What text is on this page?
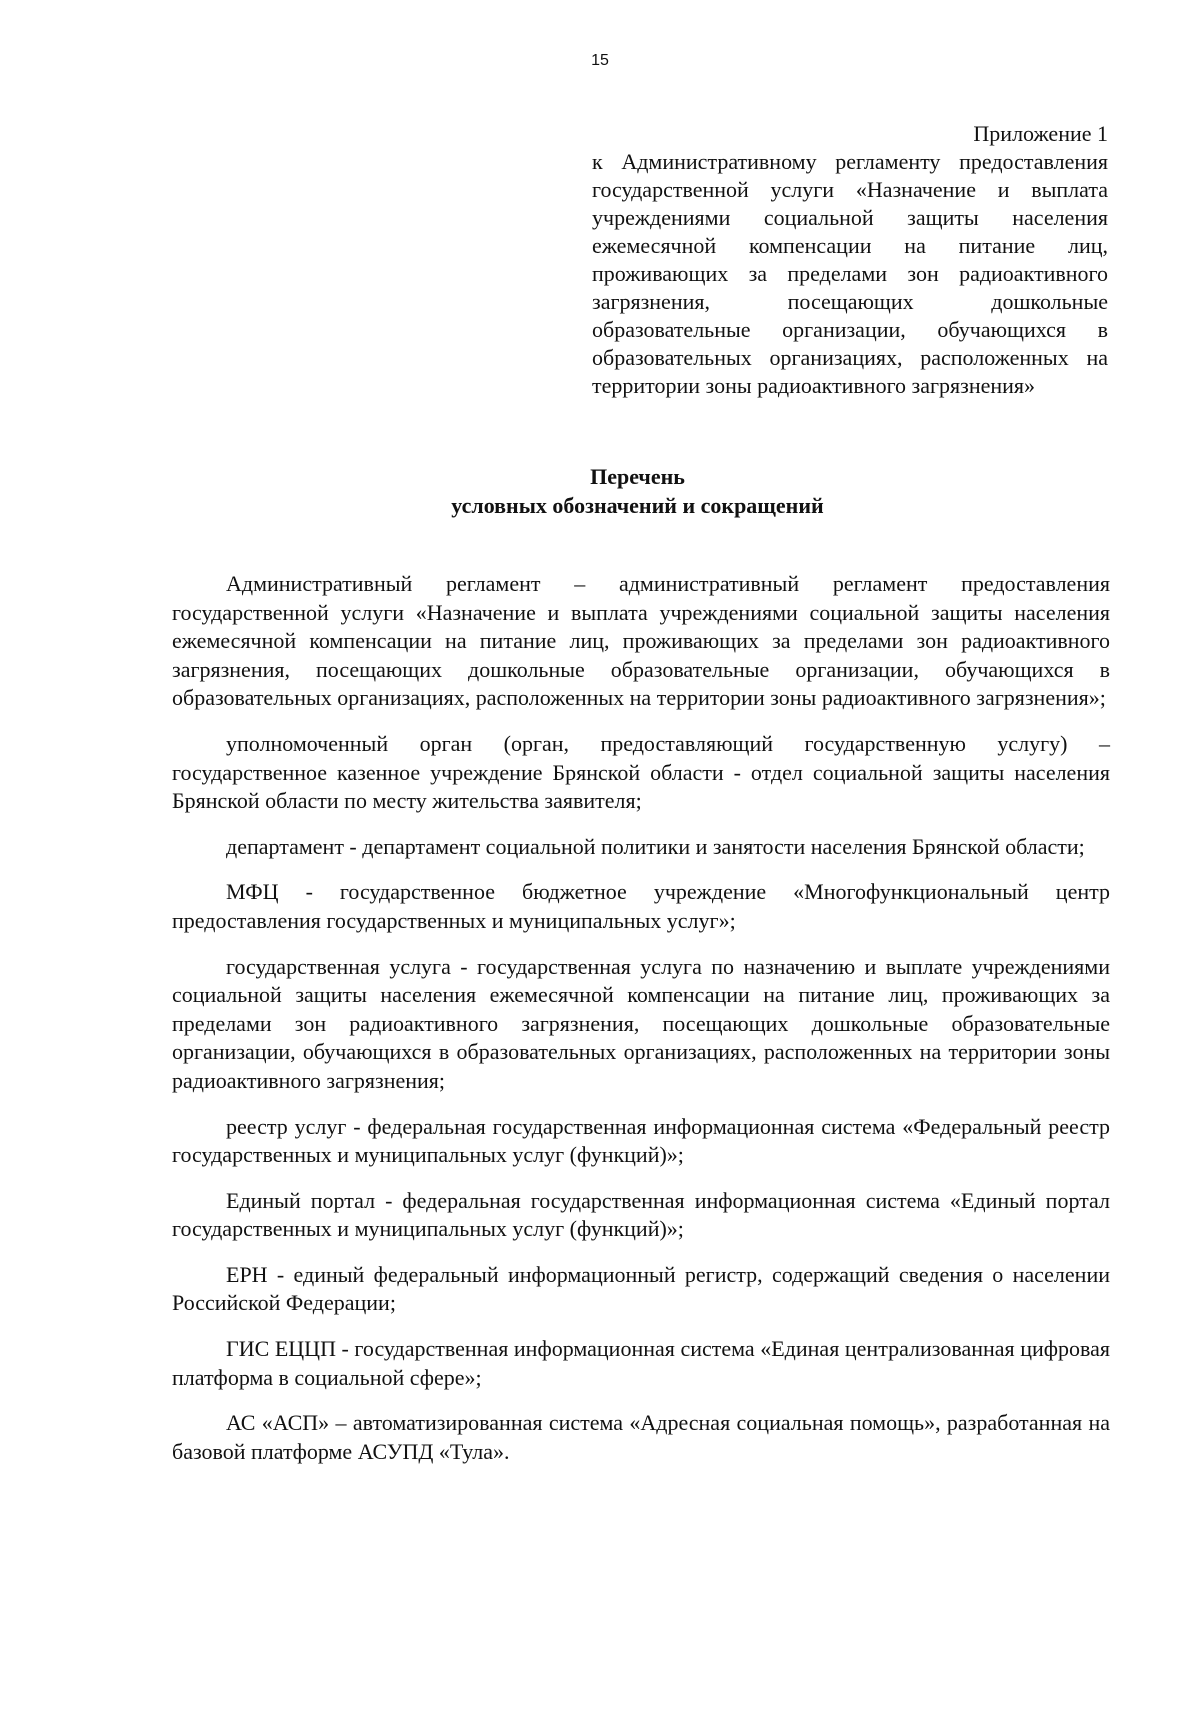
15
Приложение 1
к Административному регламенту предоставления государственной услуги «Назначение и выплата учреждениями социальной защиты населения ежемесячной компенсации на питание лиц, проживающих за пределами зон радиоактивного загрязнения, посещающих дошкольные образовательные организации, обучающихся в образовательных организациях, расположенных на территории зоны радиоактивного загрязнения»
Перечень
условных обозначений и сокращений

Административный регламент – административный регламент предоставления государственной услуги «Назначение и выплата учреждениями социальной защиты населения ежемесячной компенсации на питание лиц, проживающих за пределами зон радиоактивного загрязнения, посещающих дошкольные образовательные организации, обучающихся в образовательных организациях, расположенных на территории зоны радиоактивного загрязнения»;

уполномоченный орган (орган, предоставляющий государственную услугу) – государственное казенное учреждение Брянской области - отдел социальной защиты населения Брянской области по месту жительства заявителя;

департамент - департамент социальной политики и занятости населения Брянской области;

МФЦ - государственное бюджетное учреждение «Многофункциональный центр предоставления государственных и муниципальных услуг»;

государственная услуга - государственная услуга по назначению и выплате учреждениями социальной защиты населения ежемесячной компенсации на питание лиц, проживающих за пределами зон радиоактивного загрязнения, посещающих дошкольные образовательные организации, обучающихся в образовательных организациях, расположенных на территории зоны радиоактивного загрязнения;

реестр услуг - федеральная государственная информационная система «Федеральный реестр государственных и муниципальных услуг (функций)»;

Единый портал - федеральная государственная информационная система «Единый портал государственных и муниципальных услуг (функций)»;

ЕРН - единый федеральный информационный регистр, содержащий сведения о населении Российской Федерации;

ГИС ЕЦЦП - государственная информационная система «Единая централизованная цифровая платформа в социальной сфере»;

АС «АСП» – автоматизированная система «Адресная социальная помощь», разработанная на базовой платформе АСУПД «Тула».
